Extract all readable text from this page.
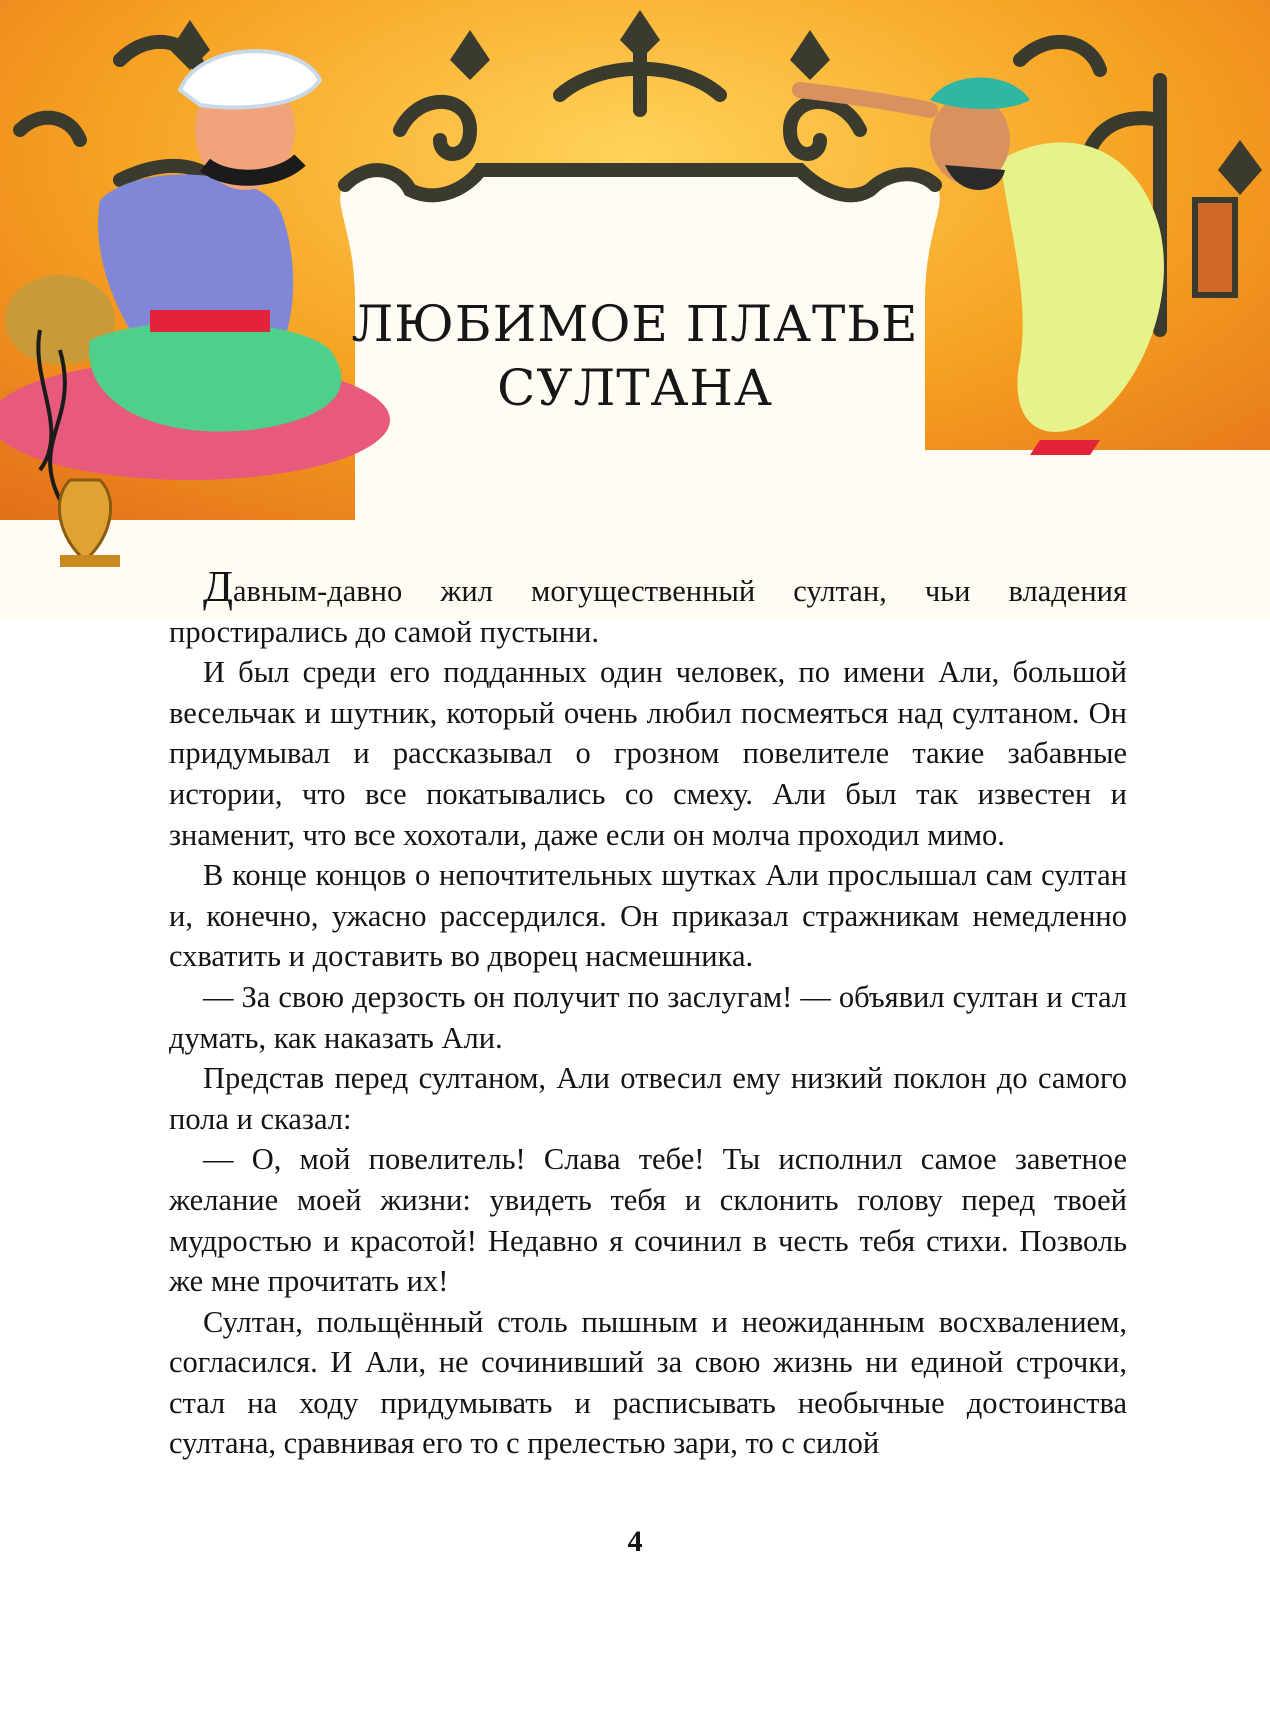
ЛЮБИМОЕ ПЛАТЬЕ
СУЛТАНА

Давным-давно жил могущественный султан, чьи владения простирались до самой пустыни.

И был среди его подданных один человек, по имени Али, большой весельчак и шутник, который очень любил посмеяться над султаном. Он придумывал и рассказывал о грозном повелителе такие забавные истории, что все покатывались со смеху. Али был так известен и знаменит, что все хохотали, даже если он молча проходил мимо.

В конце концов о непочтительных шутках Али прослышал сам султан и, конечно, ужасно рассердился. Он приказал стражникам немедленно схватить и доставить во дворец насмешника.

— За свою дерзость он получит по заслугам! — объявил султан и стал думать, как наказать Али.

Представ перед султаном, Али отвесил ему низкий поклон до самого пола и сказал:

— О, мой повелитель! Слава тебе! Ты исполнил самое заветное желание моей жизни: увидеть тебя и склонить голову перед твоей мудростью и красотой! Недавно я сочинил в честь тебя стихи. Позволь же мне прочитать их!

Султан, польщённый столь пышным и неожиданным восхвалением, согласился. И Али, не сочинивший за свою жизнь ни единой строчки, стал на ходу придумывать и расписывать необычные достоинства султана, сравнивая его то с прелестью зари, то с силой

4
